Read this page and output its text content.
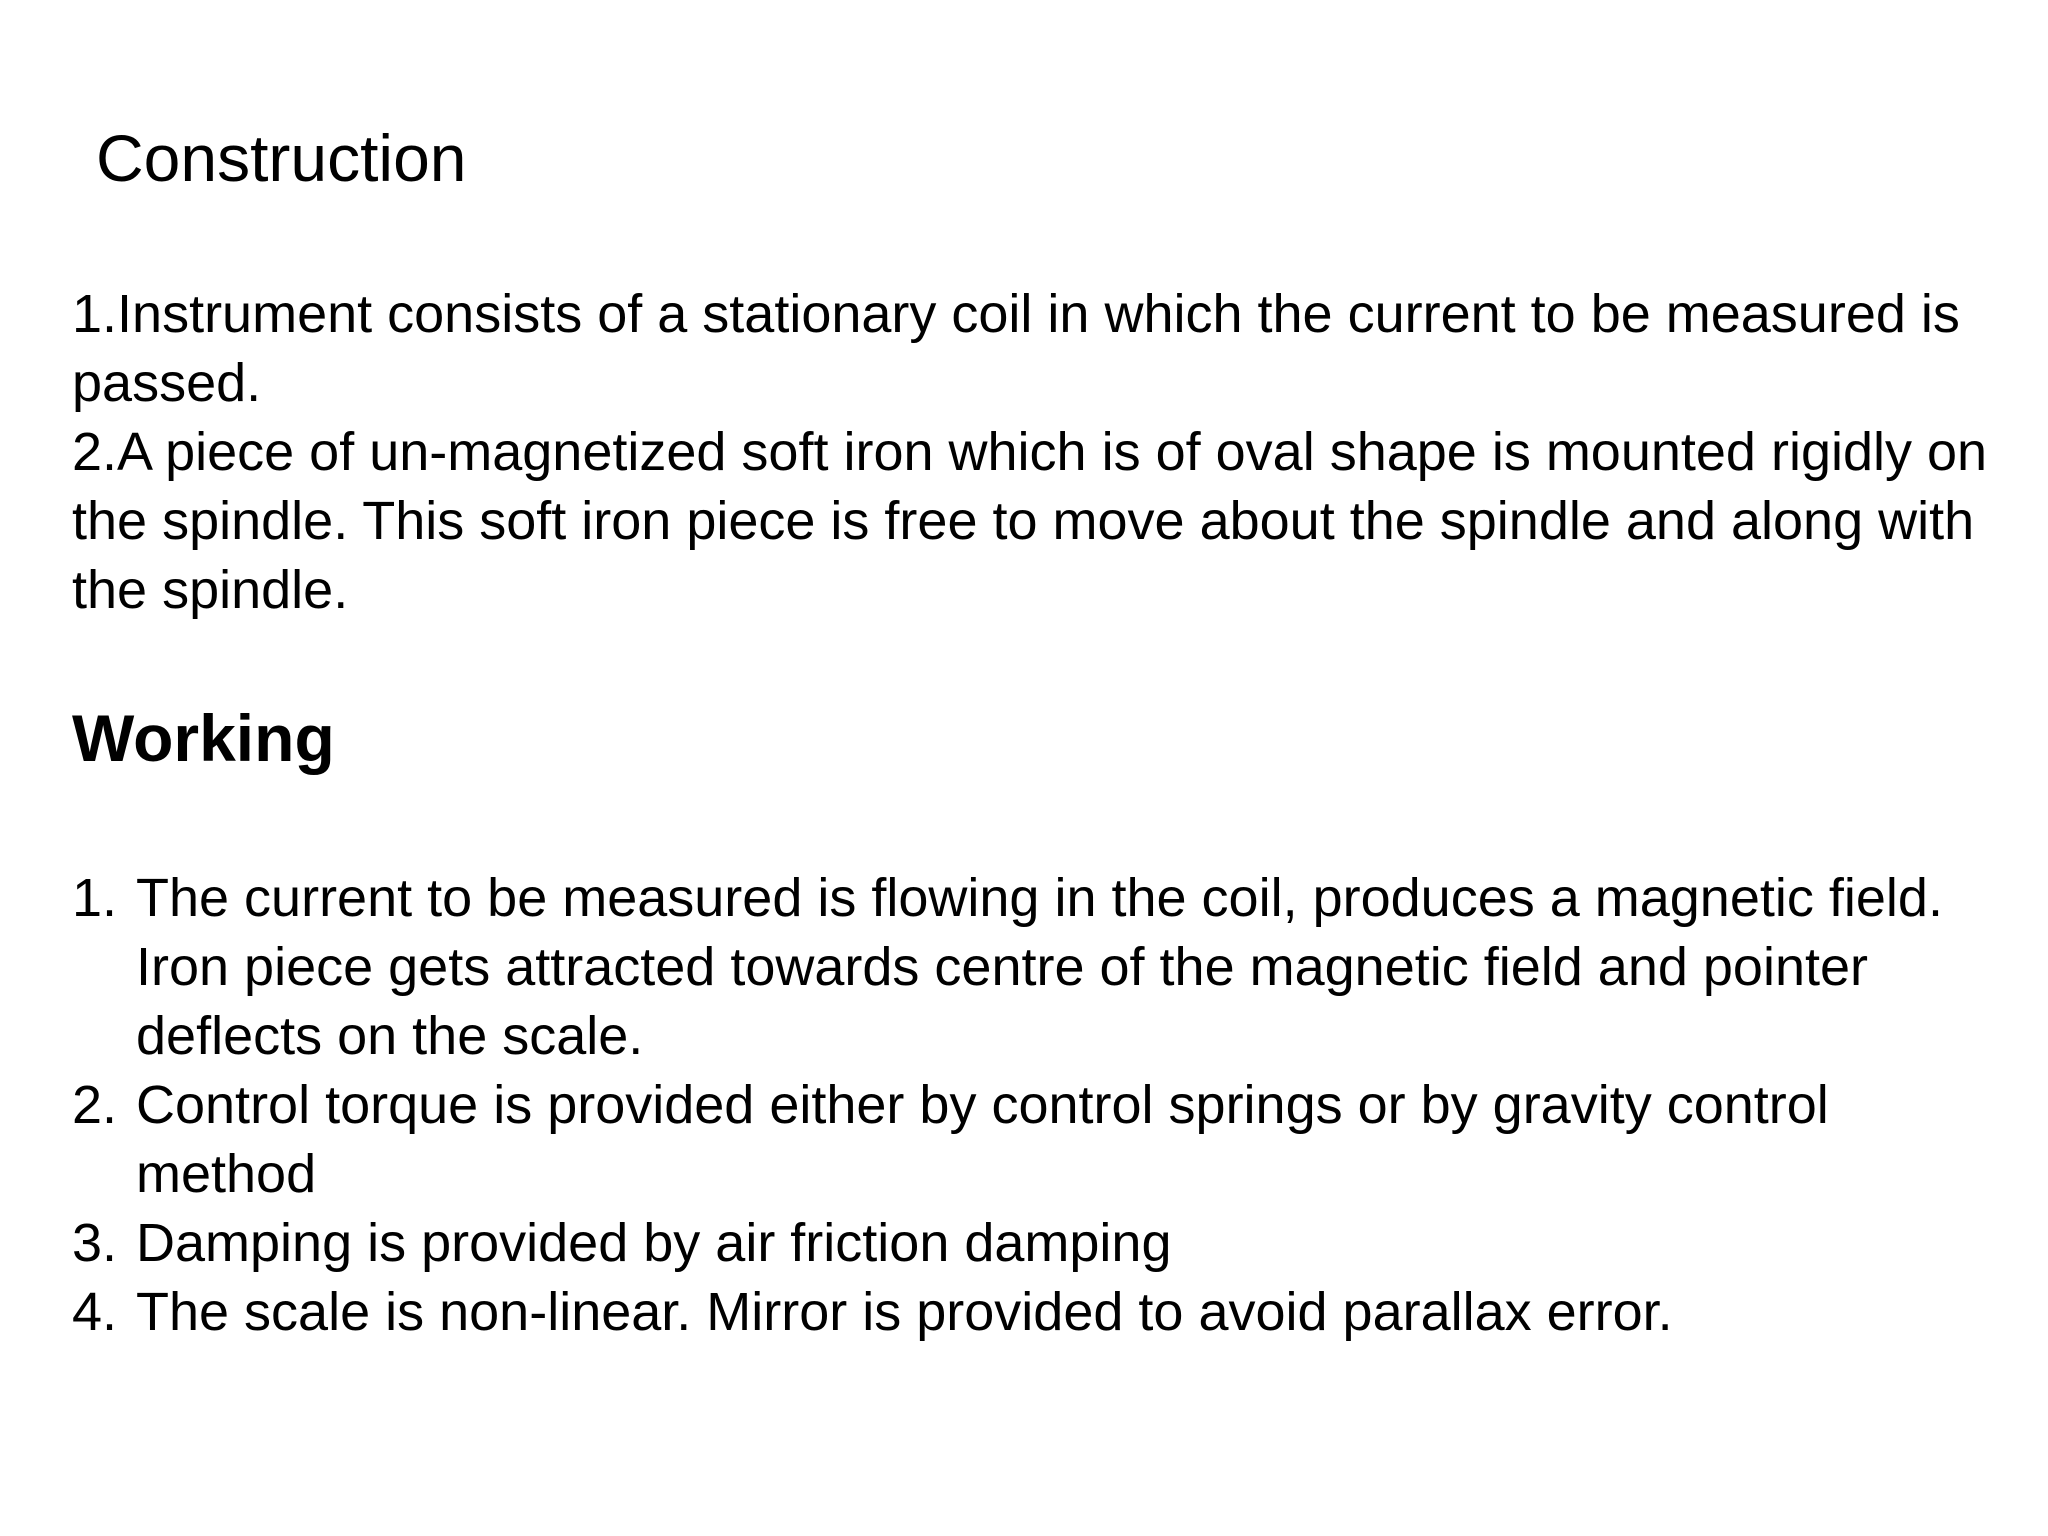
Construction

1.Instrument consists of a stationary coil in which the current to be measured is passed.

2.A piece of un-magnetized soft iron which is of oval shape is mounted rigidly on the spindle. This soft iron piece is free to move about the spindle and along with the spindle.

Working
1. The current to be measured is flowing in the coil, produces a magnetic field. Iron piece gets attracted towards centre of the magnetic field and pointer deflects on the scale.
2. Control torque is provided either by control springs or by gravity control method
3. Damping is provided by air friction damping
4. The scale is non-linear. Mirror is provided to avoid parallax error.
